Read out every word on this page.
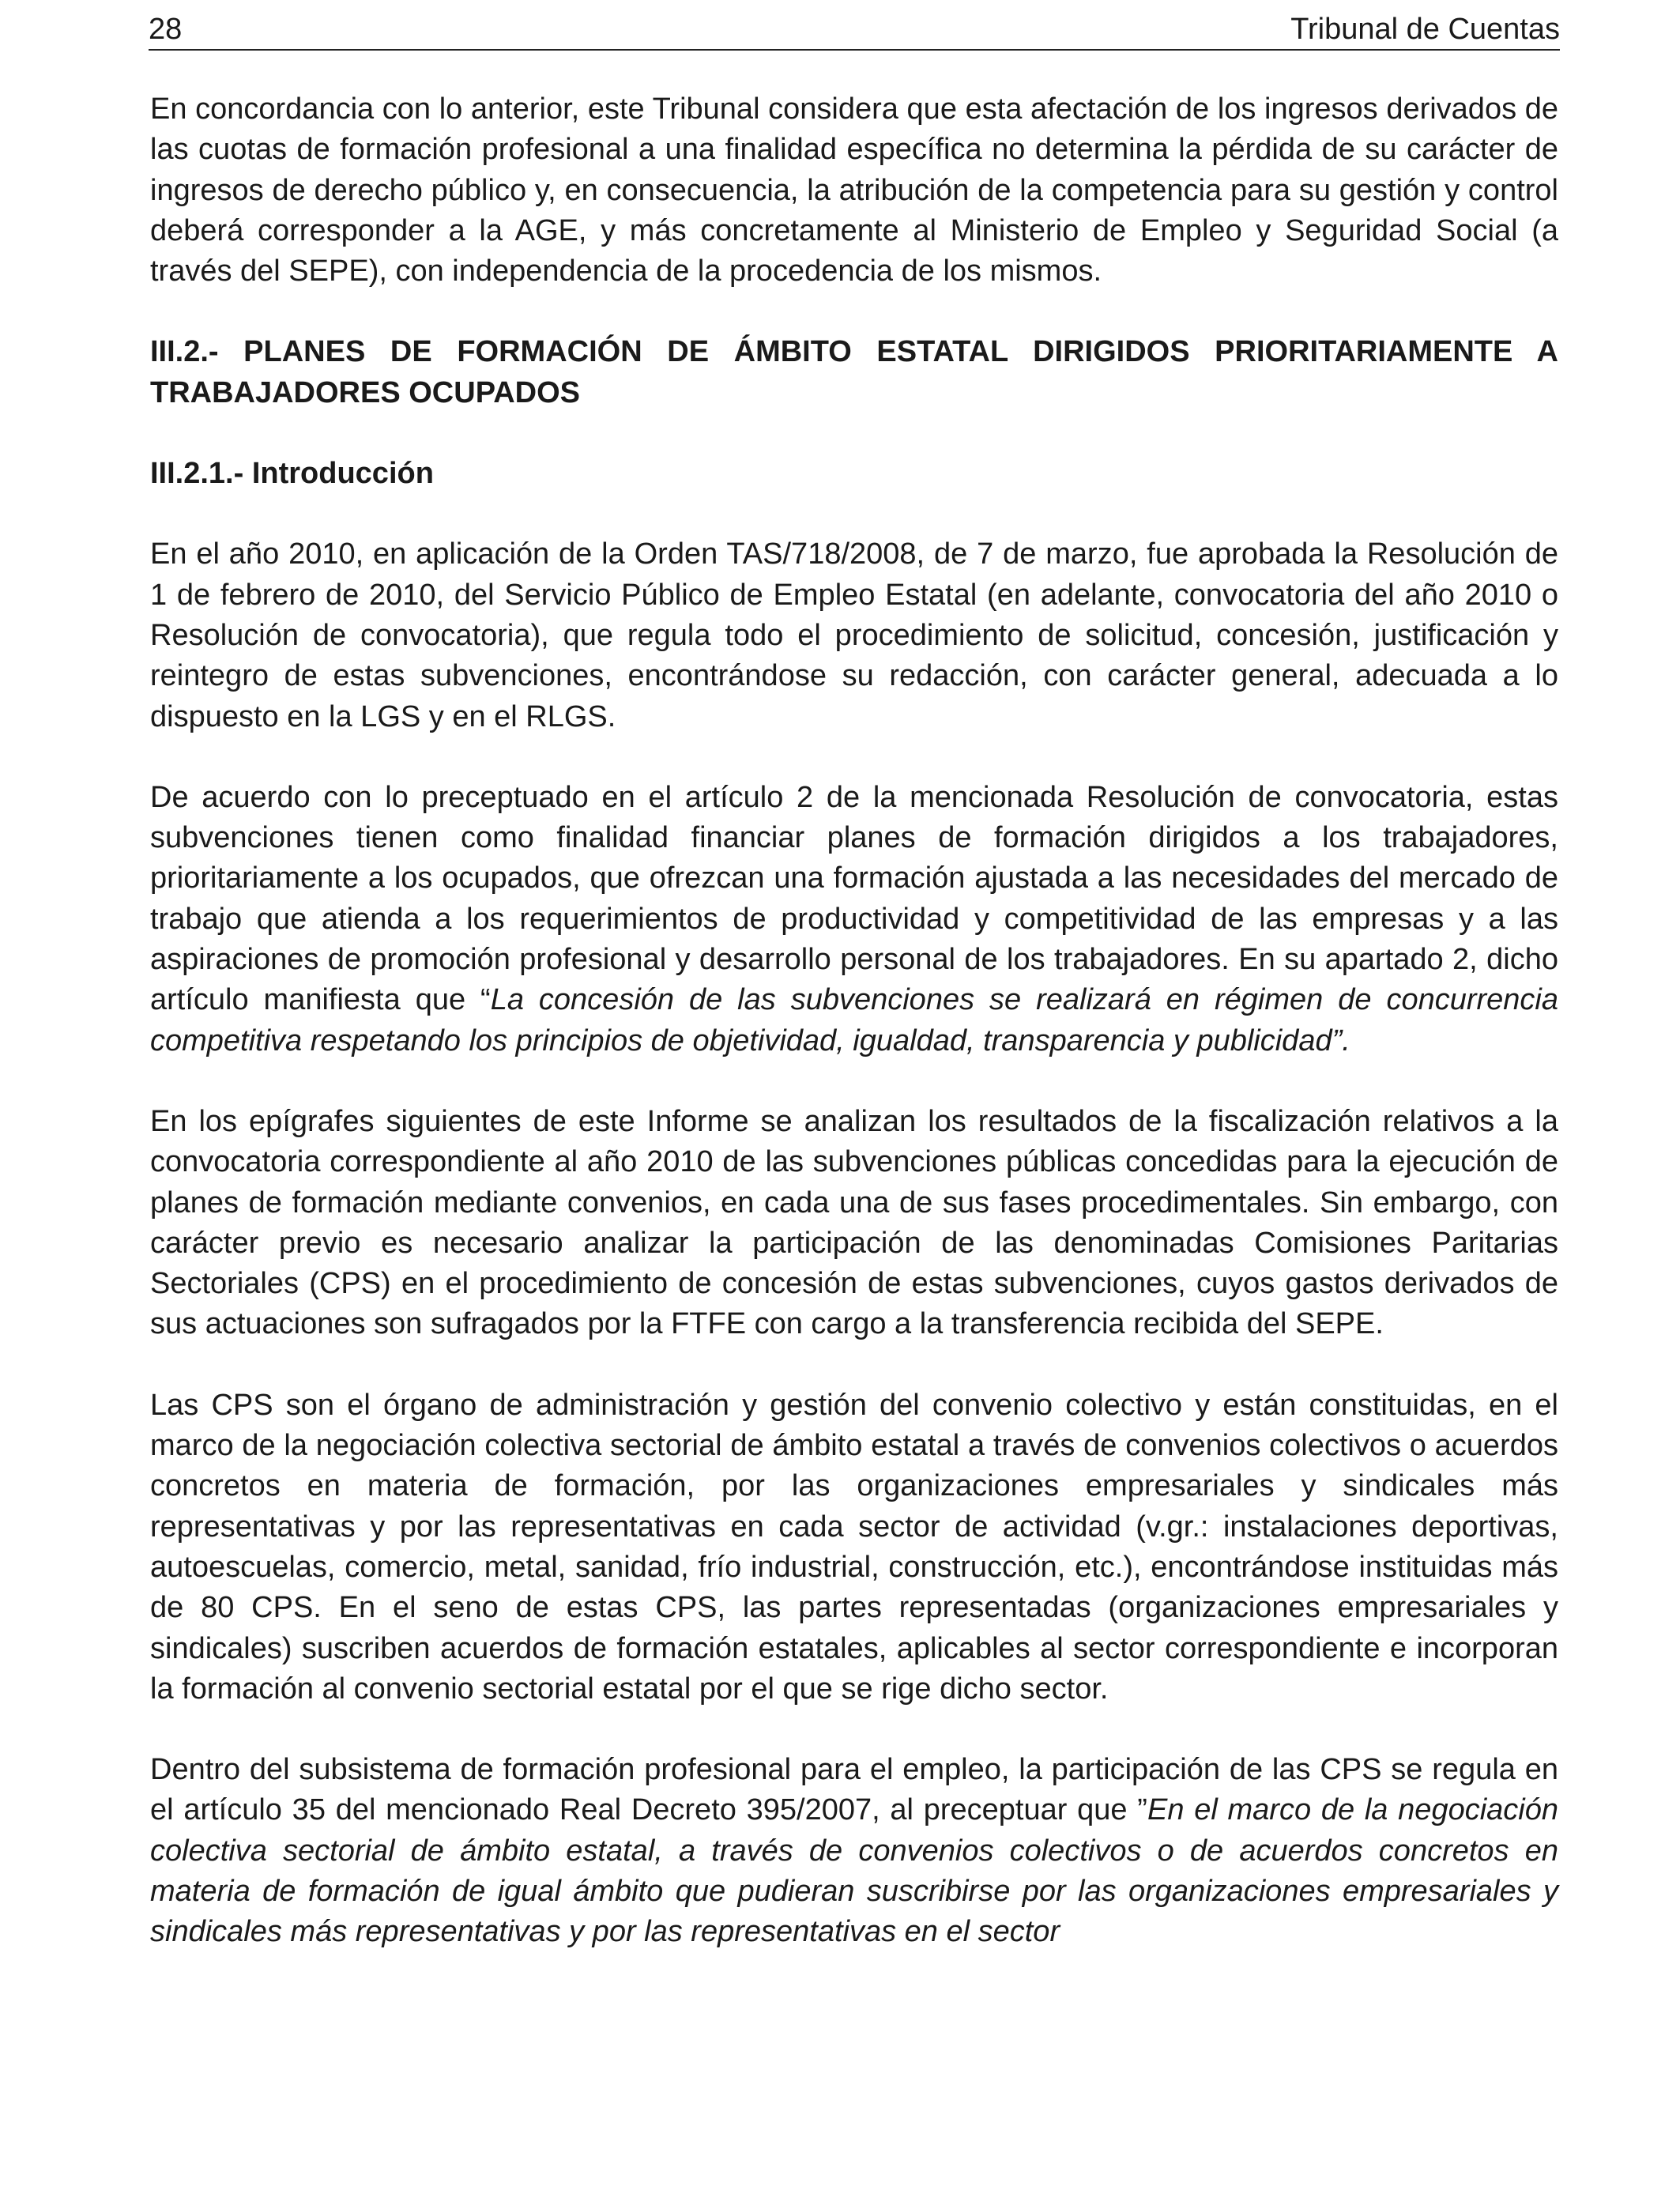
28	Tribunal de Cuentas

En concordancia con lo anterior, este Tribunal considera que esta afectación de los ingresos derivados de las cuotas de formación profesional a una finalidad específica no determina la pérdida de su carácter de ingresos de derecho público y, en consecuencia, la atribución de la competencia para su gestión y control deberá corresponder a la AGE, y más concretamente al Ministerio de Empleo y Seguridad Social (a través del SEPE), con independencia de la procedencia de los mismos.

III.2.- PLANES DE FORMACIÓN DE ÁMBITO ESTATAL DIRIGIDOS PRIORITARIAMENTE A TRABAJADORES OCUPADOS
III.2.1.- Introducción

En el año 2010, en aplicación de la Orden TAS/718/2008, de 7 de marzo, fue aprobada la Resolución de 1 de febrero de 2010, del Servicio Público de Empleo Estatal (en adelante, convocatoria del año 2010 o Resolución de convocatoria), que regula todo el procedimiento de solicitud, concesión, justificación y reintegro de estas subvenciones, encontrándose su redacción, con carácter general, adecuada a lo dispuesto en la LGS y en el RLGS.

De acuerdo con lo preceptuado en el artículo 2 de la mencionada Resolución de convocatoria, estas subvenciones tienen como finalidad financiar planes de formación dirigidos a los trabajadores, prioritariamente a los ocupados, que ofrezcan una formación ajustada a las necesidades del mercado de trabajo que atienda a los requerimientos de productividad y competitividad de las empresas y a las aspiraciones de promoción profesional y desarrollo personal de los trabajadores. En su apartado 2, dicho artículo manifiesta que “La concesión de las subvenciones se realizará en régimen de concurrencia competitiva respetando los principios de objetividad, igualdad, transparencia y publicidad”.

En los epígrafes siguientes de este Informe se analizan los resultados de la fiscalización relativos a la convocatoria correspondiente al año 2010 de las subvenciones públicas concedidas para la ejecución de planes de formación mediante convenios, en cada una de sus fases procedimentales. Sin embargo, con carácter previo es necesario analizar la participación de las denominadas Comisiones Paritarias Sectoriales (CPS) en el procedimiento de concesión de estas subvenciones, cuyos gastos derivados de sus actuaciones son sufragados por la FTFE con cargo a la transferencia recibida del SEPE.

Las CPS son el órgano de administración y gestión del convenio colectivo y están constituidas, en el marco de la negociación colectiva sectorial de ámbito estatal a través de convenios colectivos o acuerdos concretos en materia de formación, por las organizaciones empresariales y sindicales más representativas y por las representativas en cada sector de actividad (v.gr.: instalaciones deportivas, autoescuelas, comercio, metal, sanidad, frío industrial, construcción, etc.), encontrándose instituidas más de 80 CPS. En el seno de estas CPS, las partes representadas (organizaciones empresariales y sindicales) suscriben acuerdos de formación estatales, aplicables al sector correspondiente e incorporan la formación al convenio sectorial estatal por el que se rige dicho sector.

Dentro del subsistema de formación profesional para el empleo, la participación de las CPS se regula en el artículo 35 del mencionado Real Decreto 395/2007, al preceptuar que ”En el marco de la negociación colectiva sectorial de ámbito estatal, a través de convenios colectivos o de acuerdos concretos en materia de formación de igual ámbito que pudieran suscribirse por las organizaciones empresariales y sindicales más representativas y por las representativas en el sector
